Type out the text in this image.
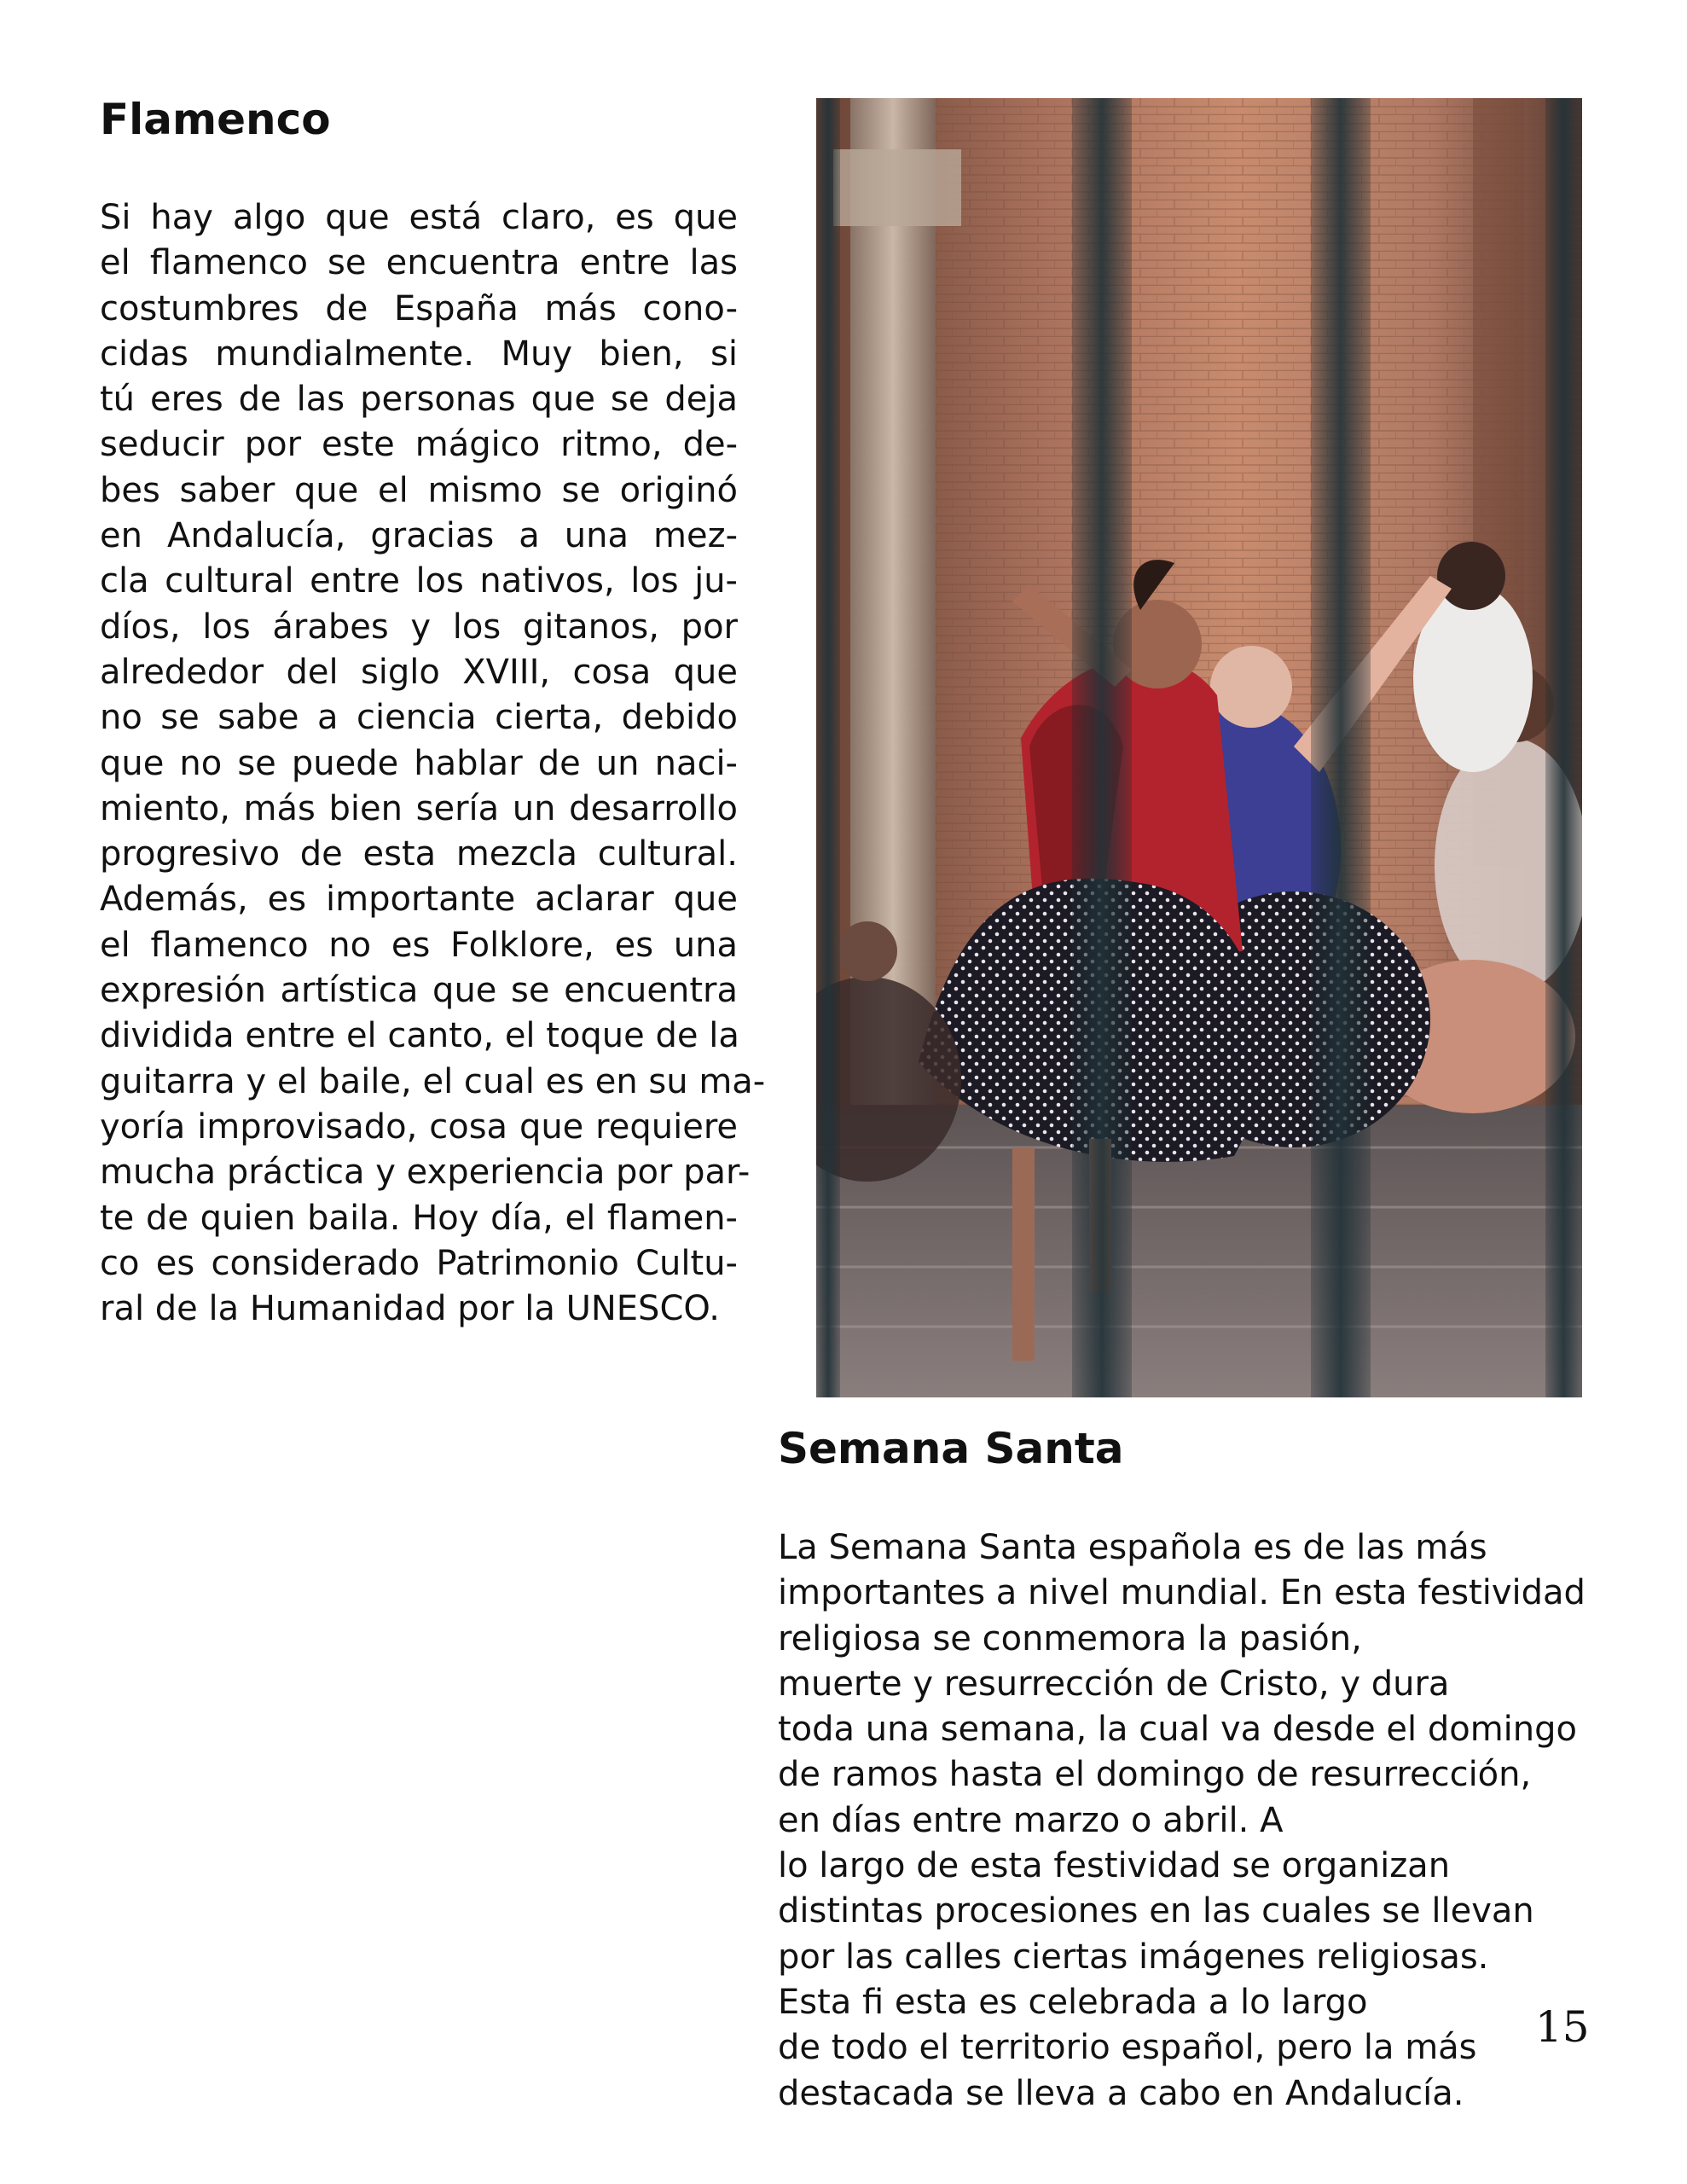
Flamenco

Si hay algo que está claro, es que

el flamenco se encuentra entre las

costumbres de España más cono-

cidas mundialmente. Muy bien, si

tú eres de las personas que se deja

seducir por este mágico ritmo, de-

bes saber que el mismo se originó

en Andalucía, gracias a una mez-

cla cultural entre los nativos, los ju-

díos, los árabes y los gitanos, por

alrededor del siglo XVIII, cosa que

no se sabe a ciencia cierta, debido

que no se puede hablar de un naci-

miento, más bien sería un desarrollo

progresivo de esta mezcla cultural.

Además, es importante aclarar que

el flamenco no es Folklore, es una

expresión artística que se encuentra

dividida entre el canto, el toque de la

guitarra y el baile, el cual es en su ma-

yoría improvisado, cosa que requiere

mucha práctica y experiencia por par-

te de quien baila. Hoy día, el flamen-

co es considerado Patrimonio Cultu-

ral de la Humanidad por la UNESCO.

Semana Santa

La Semana Santa española es de las más

importantes a nivel mundial. En esta festividad

religiosa se conmemora la pasión,

muerte y resurrección de Cristo, y dura

toda una semana, la cual va desde el domingo

de ramos hasta el domingo de resurrección,

en días entre marzo o abril. A

lo largo de esta festividad se organizan

distintas procesiones en las cuales se llevan

por las calles ciertas imágenes religiosas.

Esta fi esta es celebrada a lo largo

de todo el territorio español, pero la más

destacada se lleva a cabo en Andalucía.

15
